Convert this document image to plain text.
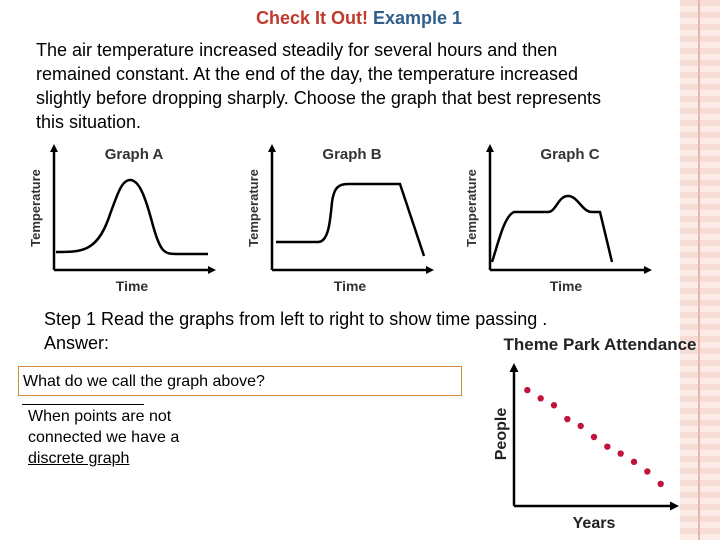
Check It Out! Example 1
The air temperature increased steadily for several hours and then
remained constant. At the end of the day, the temperature increased
slightly before dropping sharply. Choose the graph that best represents
this situation.
Graph A
Temperature
Time
Graph B
Temperature
Time
Graph C
Temperature
Time
Step 1 Read the graphs from left to right to show time passing .
Answer:
What do we call the graph above?
When points are not
connected we have a
discrete graph
Theme Park Attendance
People
Years
